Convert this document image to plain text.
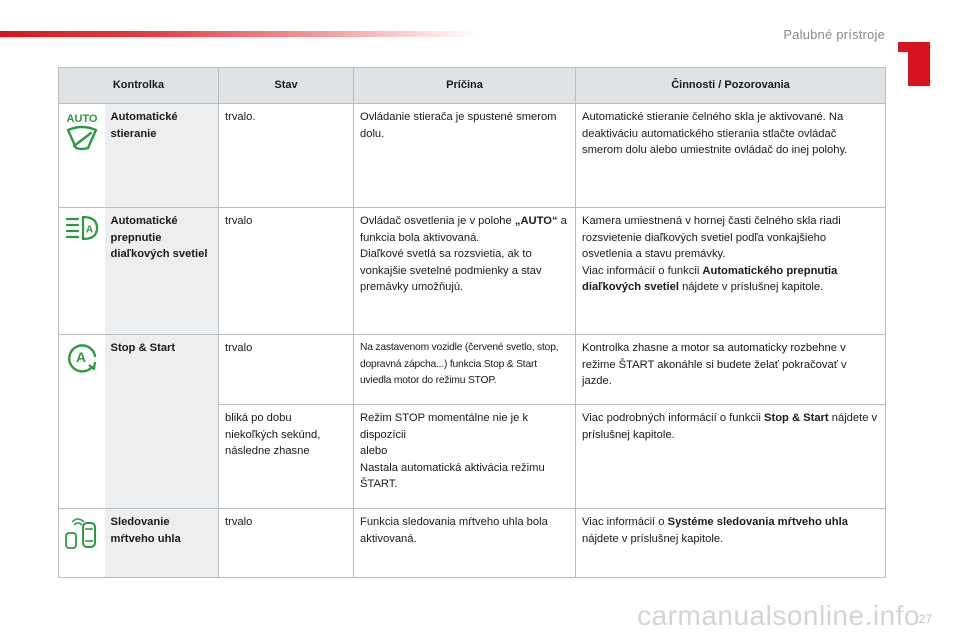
Palubné prístroje
Kontrolka		Stav	Príčina	Činnosti / Pozorovania

AUTO	Automatické stieranie	trvalo.	Ovládanie stierača je spustené smerom dolu.	Automatické stieranie čelného skla je aktivované. Na deaktiváciu automatického stierania stlačte ovládač smerom dolu alebo umiestnite ovládač do inej polohy.

A	Automatické prepnutie diaľkových svetiel	trvalo	Ovládač osvetlenia je v polohe „AUTO“ a funkcia bola aktivovaná.
Diaľkové svetlá sa rozsvietia, ak to vonkajšie svetelné podmienky a stav premávky umožňujú.	Kamera umiestnená v hornej časti čelného skla riadi rozsvietenie diaľkových svetiel podľa vonkajšieho osvetlenia a stavu premávky.
Viac informácií o funkcii Automatického prepnutia diaľkových svetiel nájdete v príslušnej kapitole.

A	Stop & Start	trvalo	Na zastavenom vozidle (červené svetlo, stop, dopravná zápcha...) funkcia Stop & Start uviedla motor do režimu STOP.	Kontrolka zhasne a motor sa automaticky rozbehne v režime ŠTART akonáhle si budete želať pokračovať v jazde.
		bliká po dobu niekoľkých sekúnd, následne zhasne	Režim STOP momentálne nie je k dispozícii
alebo
Nastala automatická aktivácia režimu ŠTART.	Viac podrobných informácií o funkcii Stop & Start nájdete v príslušnej kapitole.

	Sledovanie mŕtveho uhla	trvalo	Funkcia sledovania mŕtveho uhla bola aktivovaná.	Viac informácií o Systéme sledovania mŕtveho uhla nájdete v príslušnej kapitole.
carmanualsonline.info
27
